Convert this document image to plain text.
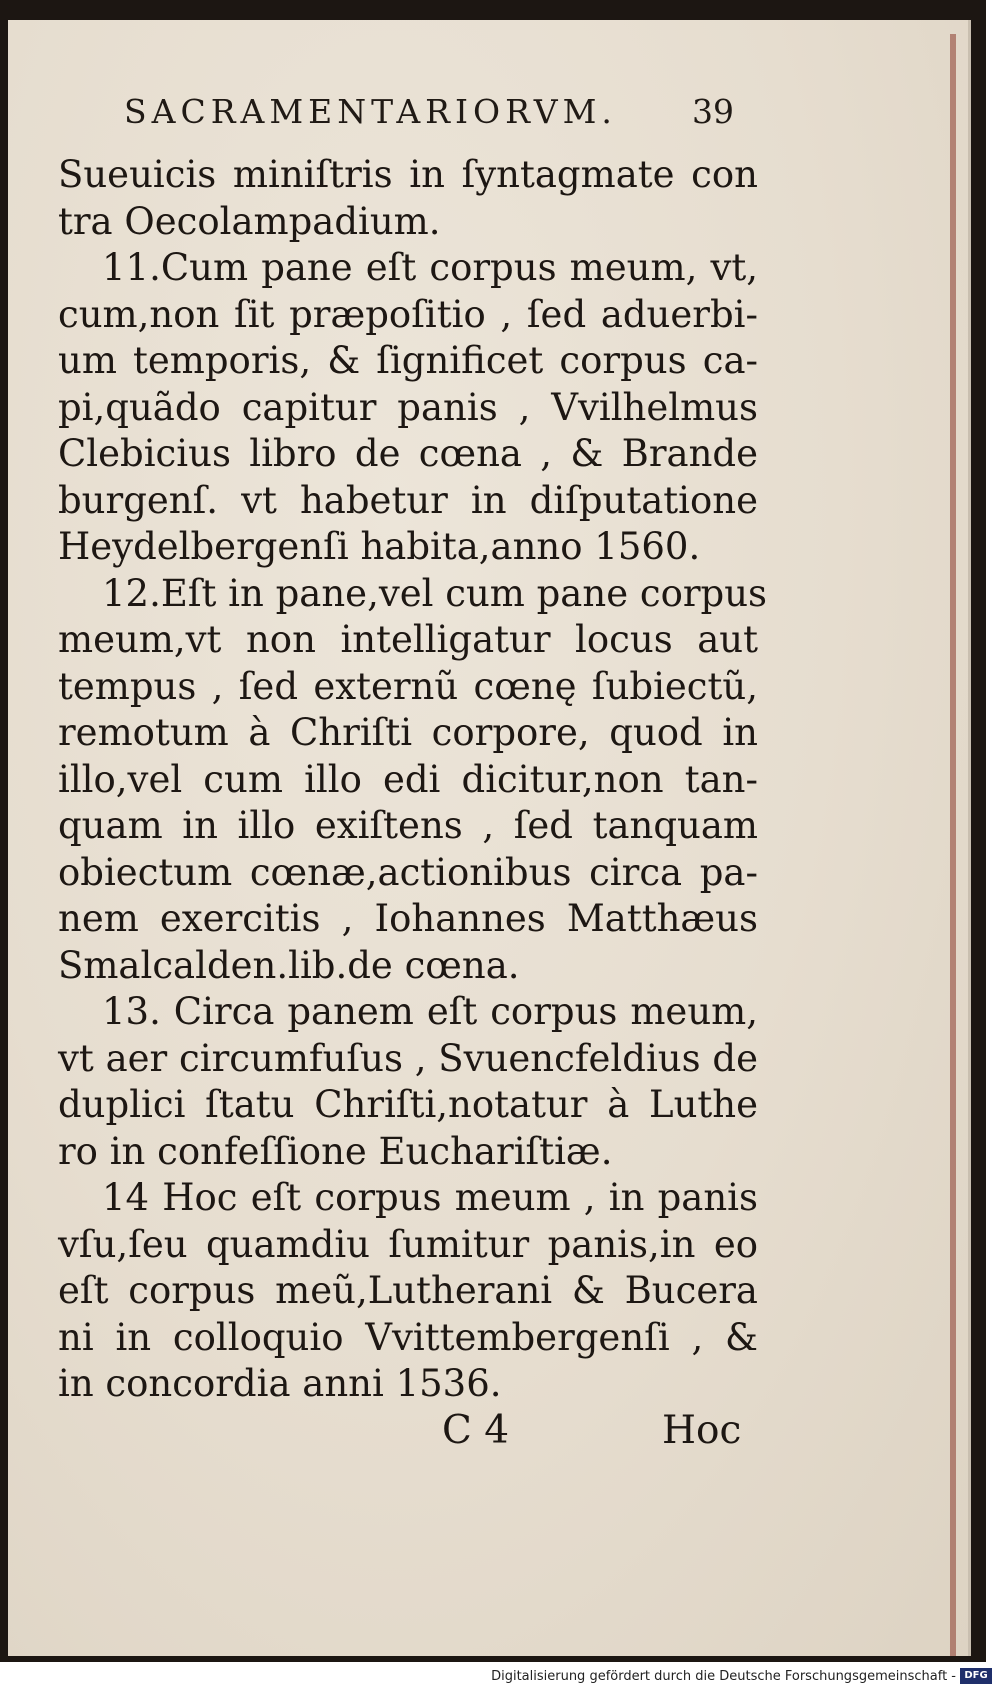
SACRAMENTARIORVM. 39
Sueuicis miniſtris in ſyntagmate con
tra Oecolampadium.
11.Cum pane eſt corpus meum, vt,
cum,non ſit præpoſitio , ſed aduerbi-
um temporis, & ſignificet corpus ca-
pi,quãdo capitur panis , Vvilhelmus
Clebicius libro de cœna , & Brande
burgenſ. vt habetur in diſputatione
Heydelbergenſi habita,anno 1560.
12.Eſt in pane,vel cum pane corpus
meum,vt non intelligatur locus aut
tempus , ſed externũ cœnę ſubiectũ,
remotum à Chriſti corpore, quod in
illo,vel cum illo edi dicitur,non tan-
quam in illo exiſtens , ſed tanquam
obiectum cœnæ,actionibus circa pa-
nem exercitis , Iohannes Matthæus
Smalcalden.lib.de cœna.
13. Circa panem eſt corpus meum,
vt aer circumfuſus , Svuencfeldius de
duplici ſtatu Chriſti,notatur à Luthe
ro in confeſſione Euchariſtiæ.
14 Hoc eſt corpus meum , in panis
vſu,ſeu quamdiu ſumitur panis,in eo
eſt corpus meũ,Lutherani & Bucera
ni in colloquio Vvittembergenſi , &
in concordia anni 1536.
C 4	Hoc
Digitalisierung gefördert durch die Deutsche Forschungsgemeinschaft - DFG
